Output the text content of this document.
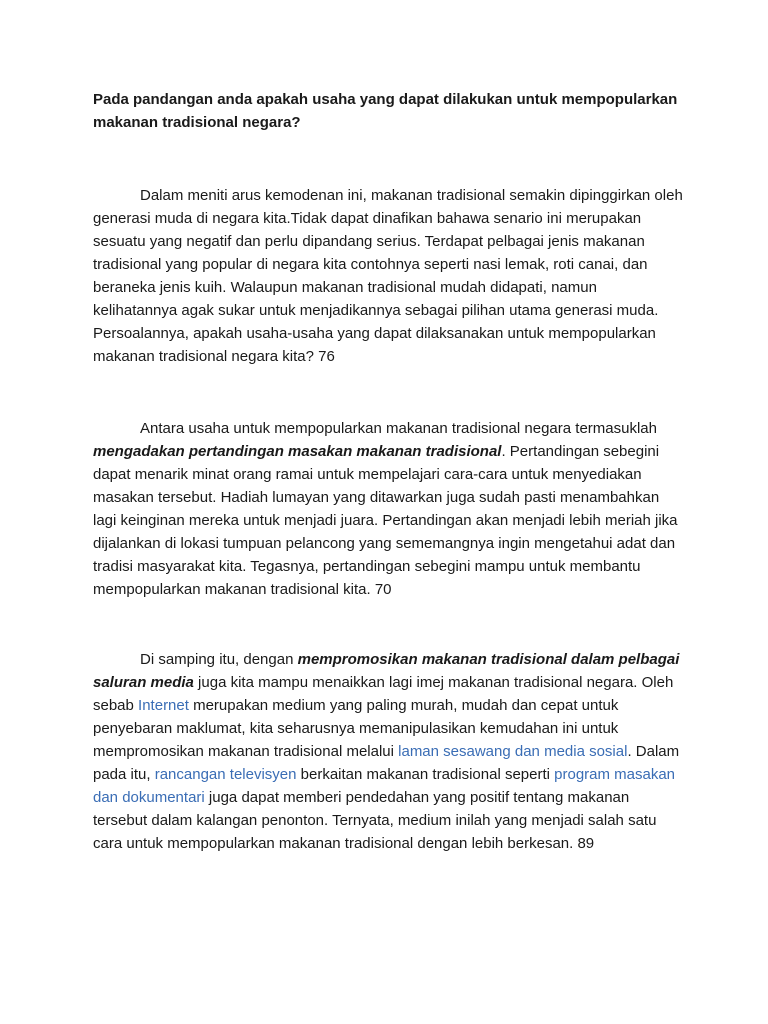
Pada pandangan anda apakah usaha yang dapat dilakukan untuk mempopularkan makanan tradisional negara?

Dalam meniti arus kemodenan ini, makanan tradisional semakin dipinggirkan oleh generasi muda di negara kita.Tidak dapat dinafikan bahawa senario ini merupakan sesuatu yang negatif dan perlu dipandang serius. Terdapat pelbagai jenis makanan tradisional yang popular di negara kita contohnya seperti nasi lemak, roti canai, dan beraneka jenis kuih. Walaupun makanan tradisional mudah didapati, namun kelihatannya agak sukar untuk menjadikannya sebagai pilihan utama generasi muda. Persoalannya, apakah usaha-usaha yang dapat dilaksanakan untuk mempopularkan makanan tradisional negara kita? 76

Antara usaha untuk mempopularkan makanan tradisional negara termasuklah mengadakan pertandingan masakan makanan tradisional. Pertandingan sebegini dapat menarik minat orang ramai untuk mempelajari cara-cara untuk menyediakan masakan tersebut. Hadiah lumayan yang ditawarkan juga sudah pasti menambahkan lagi keinginan mereka untuk menjadi juara. Pertandingan akan menjadi lebih meriah jika dijalankan di lokasi tumpuan pelancong yang sememangnya ingin mengetahui adat dan tradisi masyarakat kita. Tegasnya, pertandingan sebegini mampu untuk membantu mempopularkan makanan tradisional kita. 70

Di samping itu, dengan mempromosikan makanan tradisional dalam pelbagai saluran media juga kita mampu menaikkan lagi imej makanan tradisional negara. Oleh sebab Internet merupakan medium yang paling murah, mudah dan cepat untuk penyebaran maklumat, kita seharusnya memanipulasikan kemudahan ini untuk mempromosikan makanan tradisional melalui laman sesawang dan media sosial. Dalam pada itu, rancangan televisyen berkaitan makanan tradisional seperti program masakan dan dokumentari juga dapat memberi pendedahan yang positif tentang makanan tersebut dalam kalangan penonton. Ternyata, medium inilah yang menjadi salah satu cara untuk mempopularkan makanan tradisional dengan lebih berkesan. 89
